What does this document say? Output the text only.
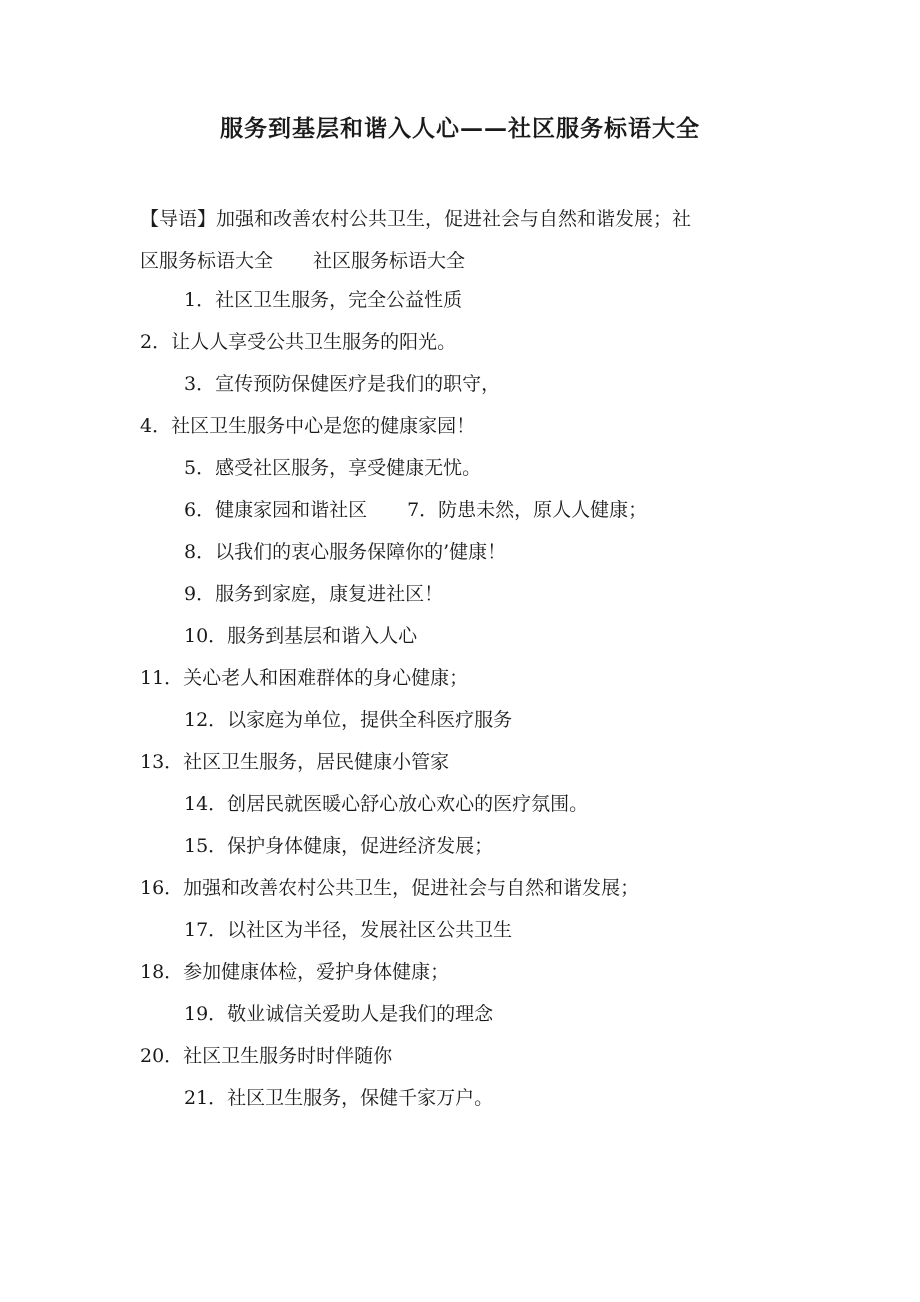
服务到基层和谐入人心——社区服务标语大全

【导语】加强和改善农村公共卫生，促进社会与自然和谐发展；社
区服务标语大全 社区服务标语大全

1．社区卫生服务，完全公益性质
2．让人人享受公共卫生服务的阳光。
3．宣传预防保健医疗是我们的职守，
4．社区卫生服务中心是您的健康家园！
5．感受社区服务，享受健康无忧。
6．健康家园和谐社区 7．防患未然，原人人健康；
8．以我们的衷心服务保障你的’健康！
9．服务到家庭，康复进社区！
10．服务到基层和谐入人心
11．关心老人和困难群体的身心健康；
12．以家庭为单位，提供全科医疗服务
13．社区卫生服务，居民健康小管家
14．创居民就医暖心舒心放心欢心的医疗氛围。
15．保护身体健康，促进经济发展；
16．加强和改善农村公共卫生，促进社会与自然和谐发展；
17．以社区为半径，发展社区公共卫生
18．参加健康体检，爱护身体健康；
19．敬业诚信关爱助人是我们的理念
20．社区卫生服务时时伴随你
21．社区卫生服务，保健千家万户。
